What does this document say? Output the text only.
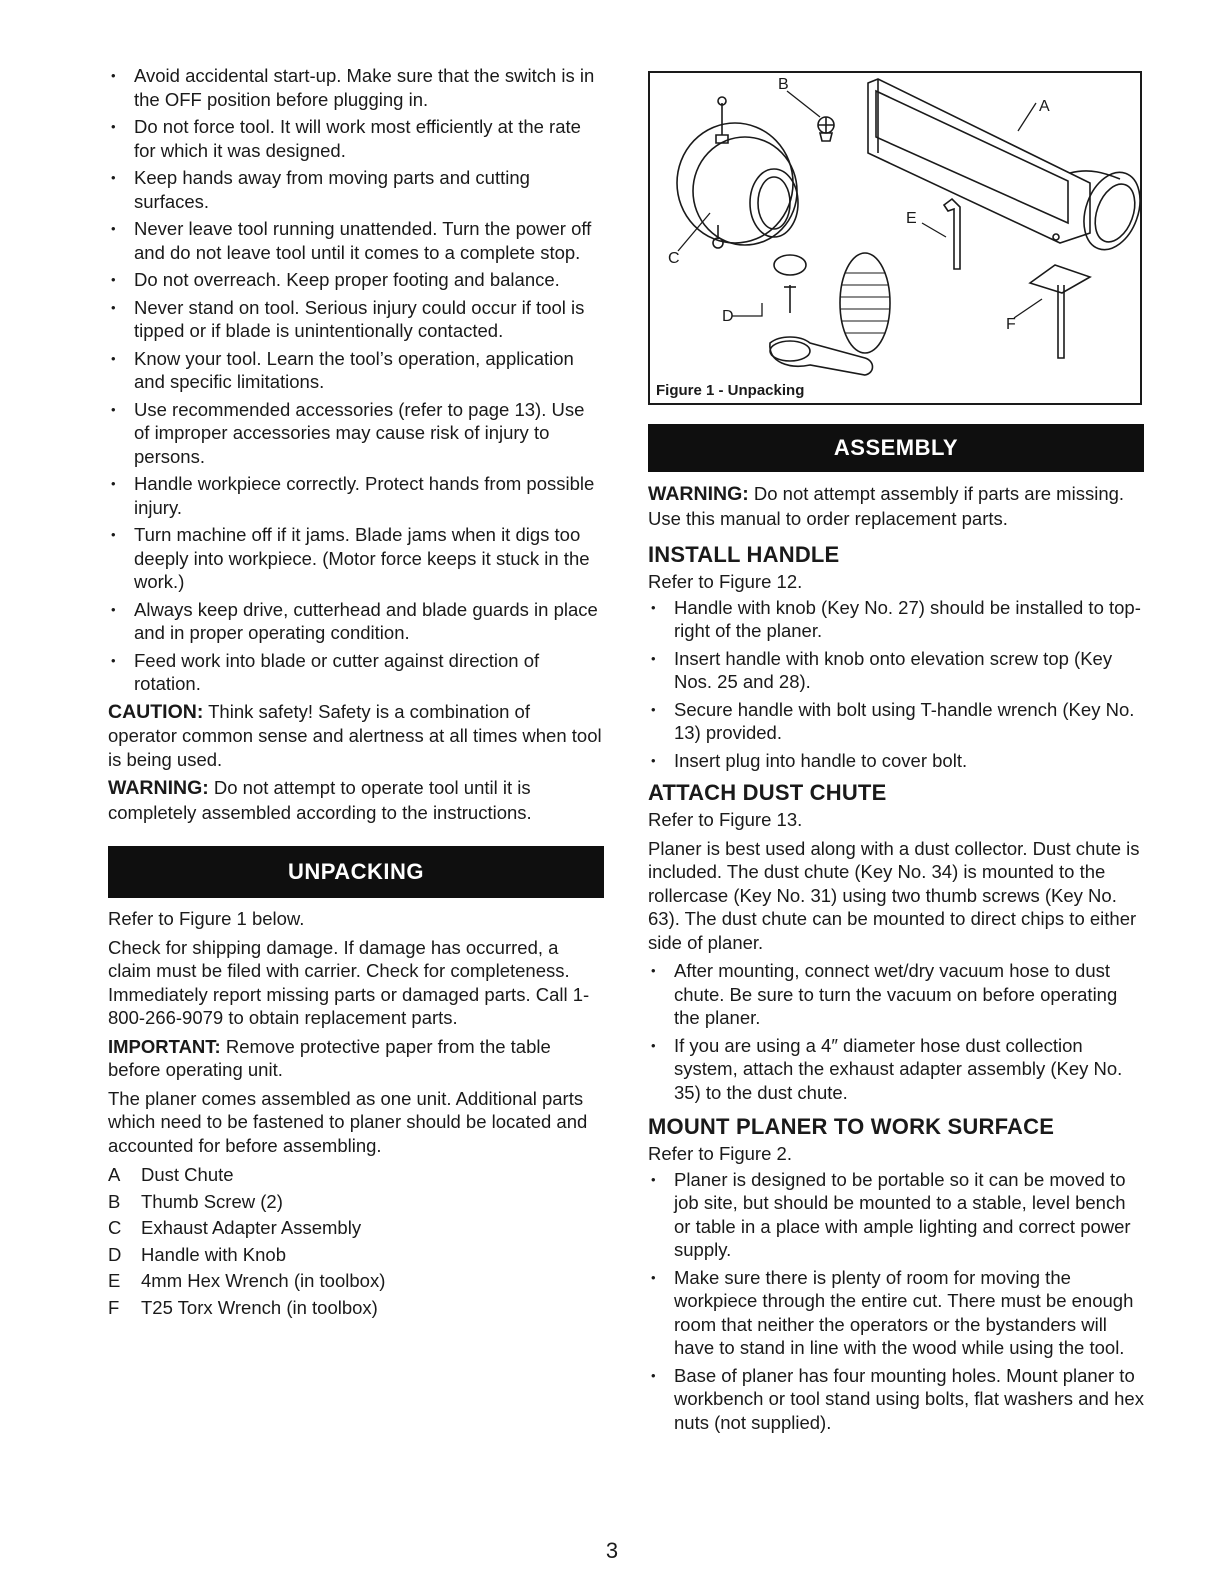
• Avoid accidental start-up. Make sure that the switch is in the OFF position before plugging in.
• Do not force tool. It will work most efficiently at the rate for which it was designed.
• Keep hands away from moving parts and cutting surfaces.
• Never leave tool running unattended. Turn the power off and do not leave tool until it comes to a complete stop.
• Do not overreach. Keep proper footing and balance.
• Never stand on tool. Serious injury could occur if tool is tipped or if blade is unintentionally contacted.
• Know your tool. Learn the tool’s operation, application and specific limitations.
• Use recommended accessories (refer to page 13). Use of improper accessories may cause risk of injury to persons.
• Handle workpiece correctly. Protect hands from possible injury.
• Turn machine off if it jams. Blade jams when it digs too deeply into workpiece. (Motor force keeps it stuck in the work.)
• Always keep drive, cutterhead and blade guards in place and in proper operating condition.
• Feed work into blade or cutter against direction of rotation.

CAUTION: Think safety! Safety is a combination of operator common sense and alertness at all times when tool is being used.

WARNING: Do not attempt to operate tool until it is completely assembled according to the instructions.

UNPACKING

Refer to Figure 1 below.

Check for shipping damage. If damage has occurred, a claim must be filed with carrier. Check for completeness. Immediately report missing parts or damaged parts. Call 1-800-266-9079 to obtain replacement parts.

IMPORTANT: Remove protective paper from the table before operating unit.

The planer comes assembled as one unit. Additional parts which need to be fastened to planer should be located and accounted for before assembling.

A Dust Chute
B Thumb Screw (2)
C Exhaust Adapter Assembly
D Handle with Knob
E 4mm Hex Wrench (in toolbox)
F T25 Torx Wrench (in toolbox)
B
A
C
D
E
F
Figure 1 - Unpacking
ASSEMBLY

WARNING: Do not attempt assembly if parts are missing. Use this manual to order replacement parts.

INSTALL HANDLE

Refer to Figure 12.

• Handle with knob (Key No. 27) should be installed to top-right of the planer.
• Insert handle with knob onto elevation screw top (Key Nos. 25 and 28).
• Secure handle with bolt using T-handle wrench (Key No. 13) provided.
• Insert plug into handle to cover bolt.
ATTACH DUST CHUTE

Refer to Figure 13.

Planer is best used along with a dust collector. Dust chute is included. The dust chute (Key No. 34) is mounted to the rollercase (Key No. 31) using two thumb screws (Key No. 63). The dust chute can be mounted to direct chips to either side of planer.

• After mounting, connect wet/dry vacuum hose to dust chute. Be sure to turn the vacuum on before operating the planer.
• If you are using a 4″ diameter hose dust collection system, attach the exhaust adapter assembly (Key No. 35) to the dust chute.
MOUNT PLANER TO WORK SURFACE

Refer to Figure 2.

• Planer is designed to be portable so it can be moved to job site, but should be mounted to a stable, level bench or table in a place with ample lighting and correct power supply.
• Make sure there is plenty of room for moving the workpiece through the entire cut. There must be enough room that neither the operators or the bystanders will have to stand in line with the wood while using the tool.
• Base of planer has four mounting holes. Mount planer to workbench or tool stand using bolts, flat washers and hex nuts (not supplied).
3
